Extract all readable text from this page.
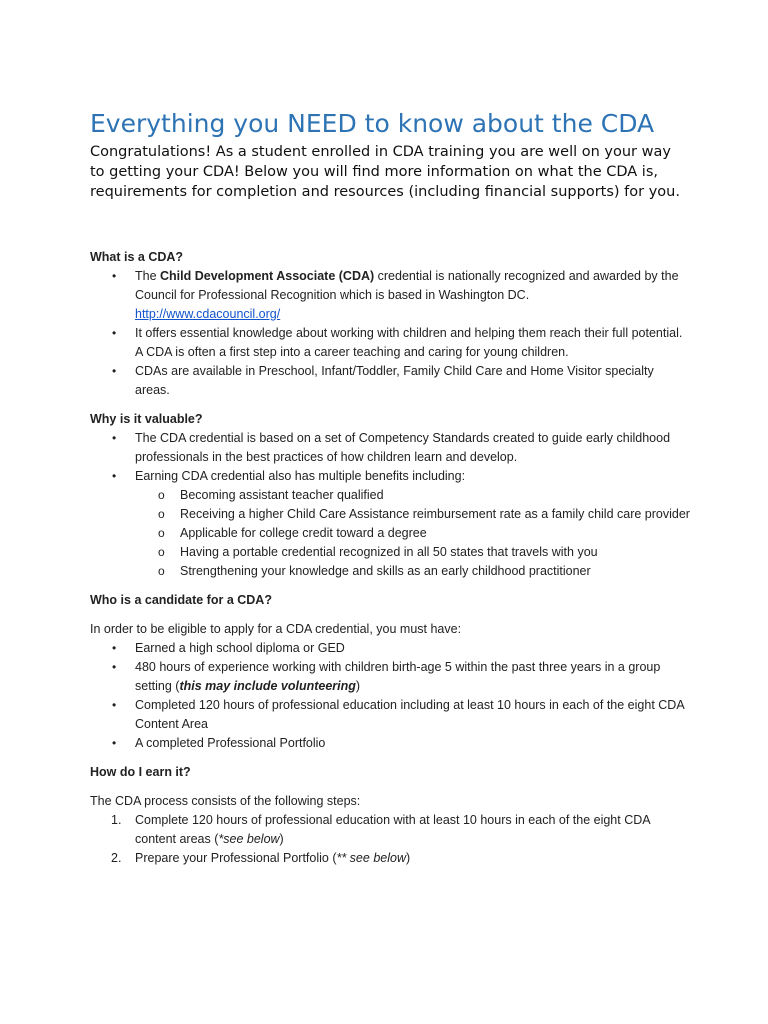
Everything you NEED to know about the CDA

Congratulations! As a student enrolled in CDA training you are well on your way to getting your CDA! Below you will find more information on what the CDA is, requirements for completion and resources (including financial supports) for you.

What is a CDA?

• The Child Development Associate (CDA) credential is nationally recognized and awarded by the Council for Professional Recognition which is based in Washington DC.
http://www.cdacouncil.org/
• It offers essential knowledge about working with children and helping them reach their full potential. A CDA is often a first step into a career teaching and caring for young children.
• CDAs are available in Preschool, Infant/Toddler, Family Child Care and Home Visitor specialty areas.

Why is it valuable?

• The CDA credential is based on a set of Competency Standards created to guide early childhood professionals in the best practices of how children learn and develop.
• Earning CDA credential also has multiple benefits including:
o Becoming assistant teacher qualified
o Receiving a higher Child Care Assistance reimbursement rate as a family child care provider
o Applicable for college credit toward a degree
o Having a portable credential recognized in all 50 states that travels with you
o Strengthening your knowledge and skills as an early childhood practitioner

Who is a candidate for a CDA?

In order to be eligible to apply for a CDA credential, you must have:

• Earned a high school diploma or GED
• 480 hours of experience working with children birth-age 5 within the past three years in a group setting (this may include volunteering)
• Completed 120 hours of professional education including at least 10 hours in each of the eight CDA Content Area
• A completed Professional Portfolio

How do I earn it?

The CDA process consists of the following steps:

1. Complete 120 hours of professional education with at least 10 hours in each of the eight CDA content areas (*see below)
2. Prepare your Professional Portfolio (** see below)
